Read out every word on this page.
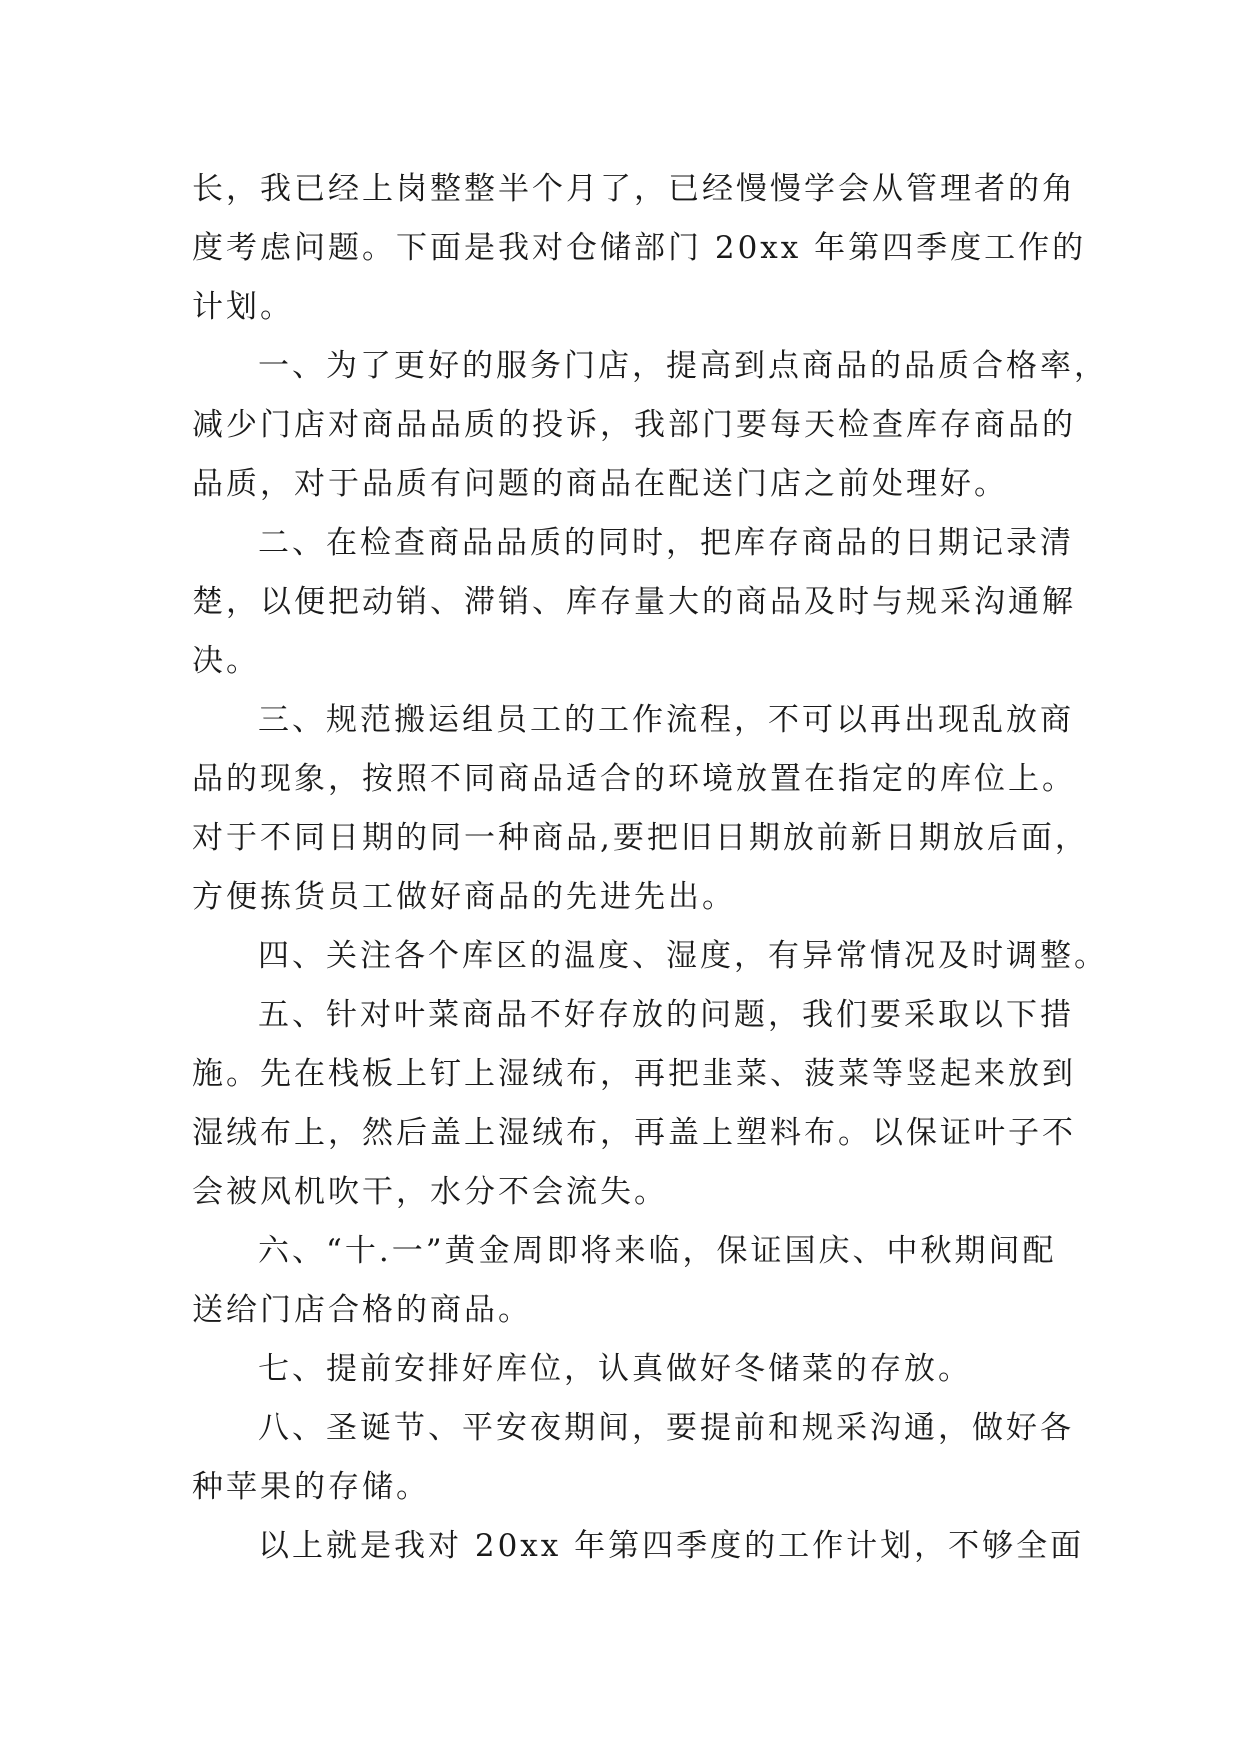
长，我已经上岗整整半个月了，已经慢慢学会从管理者的角
度考虑问题。下面是我对仓储部门 20xx 年第四季度工作的
计划。
一、为了更好的服务门店，提高到点商品的品质合格率，
减少门店对商品品质的投诉，我部门要每天检查库存商品的
品质，对于品质有问题的商品在配送门店之前处理好。
二、在检查商品品质的同时，把库存商品的日期记录清
楚，以便把动销、滞销、库存量大的商品及时与规采沟通解
决。
三、规范搬运组员工的工作流程，不可以再出现乱放商
品的现象，按照不同商品适合的环境放置在指定的库位上。
对于不同日期的同一种商品,要把旧日期放前新日期放后面，
方便拣货员工做好商品的先进先出。
四、关注各个库区的温度、湿度，有异常情况及时调整。
五、针对叶菜商品不好存放的问题，我们要采取以下措
施。先在栈板上钉上湿绒布，再把韭菜、菠菜等竖起来放到
湿绒布上，然后盖上湿绒布，再盖上塑料布。以保证叶子不
会被风机吹干，水分不会流失。
六、“十.一”黄金周即将来临，保证国庆、中秋期间配
送给门店合格的商品。
七、提前安排好库位，认真做好冬储菜的存放。
八、圣诞节、平安夜期间，要提前和规采沟通，做好各
种苹果的存储。
以上就是我对 20xx 年第四季度的工作计划，不够全面
